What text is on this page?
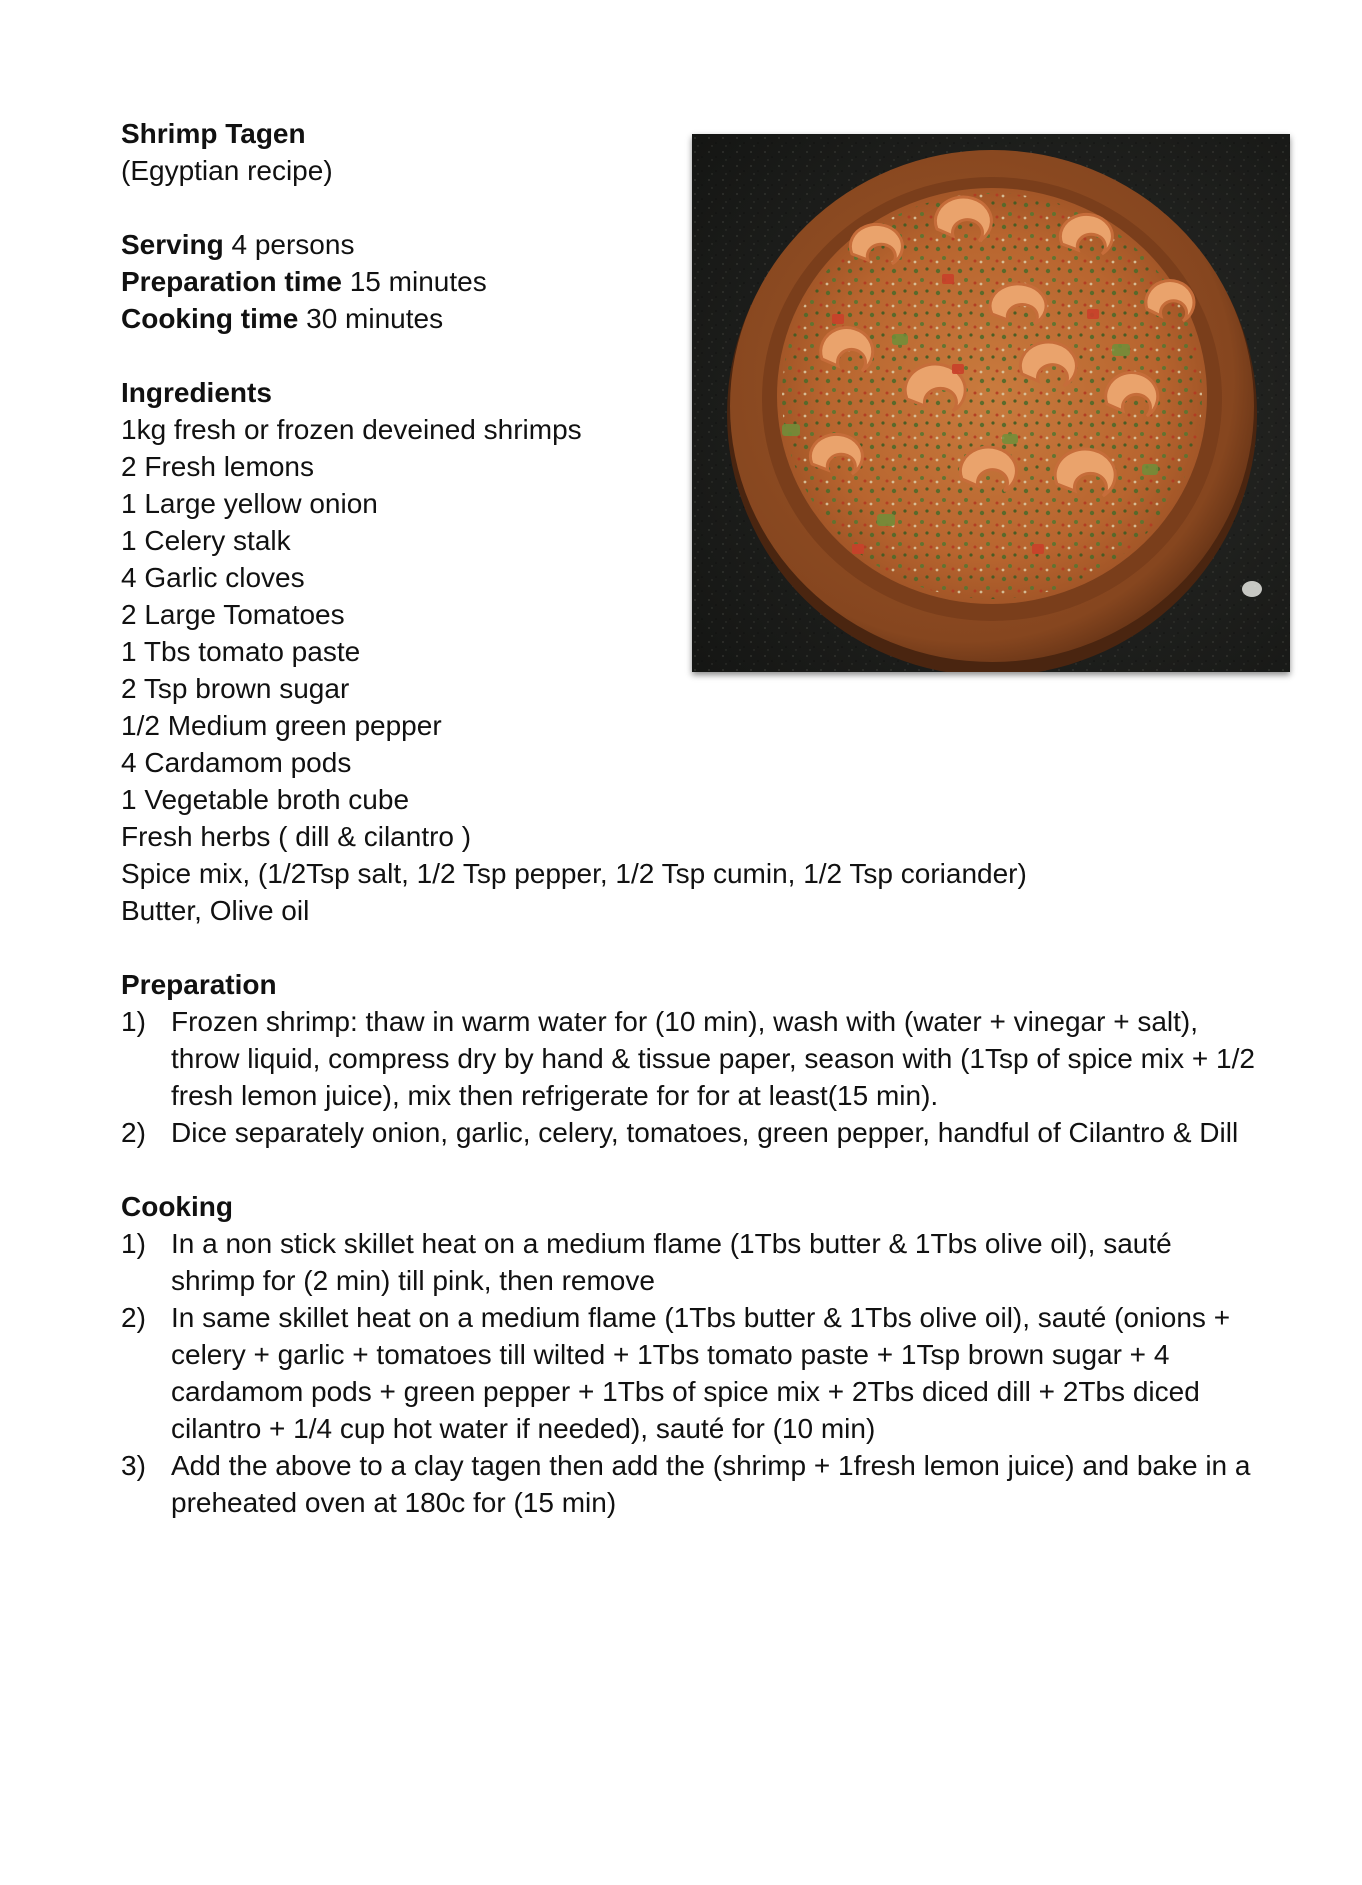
Shrimp Tagen
(Egyptian recipe)
Serving 4 persons
Preparation time 15 minutes
Cooking time 30 minutes
Ingredients
1kg fresh or frozen deveined shrimps
2 Fresh lemons
1 Large yellow onion
1 Celery stalk
4 Garlic cloves
2 Large Tomatoes
1 Tbs tomato paste
2 Tsp brown sugar
1/2 Medium green pepper
4 Cardamom pods
1 Vegetable broth cube
Fresh herbs ( dill & cilantro )
Spice mix, (1/2Tsp salt, 1/2 Tsp pepper, 1/2 Tsp cumin, 1/2 Tsp coriander)
Butter, Olive oil
Preparation
1) Frozen shrimp: thaw in warm water for (10 min), wash with (water + vinegar + salt), throw liquid, compress dry by hand & tissue paper, season with (1Tsp of spice mix + 1/2 fresh lemon juice), mix then refrigerate for for at least(15 min).
2) Dice separately onion, garlic, celery, tomatoes, green pepper, handful of Cilantro & Dill
Cooking
1) In a non stick skillet heat on a medium flame (1Tbs butter & 1Tbs olive oil), sauté shrimp for (2 min) till pink, then remove
2) In same skillet heat on a medium flame (1Tbs butter & 1Tbs olive oil), sauté (onions + celery + garlic + tomatoes till wilted + 1Tbs tomato paste + 1Tsp brown sugar + 4 cardamom pods + green pepper + 1Tbs of spice mix + 2Tbs diced dill + 2Tbs diced cilantro + 1/4 cup hot water if needed), sauté for (10 min)
3) Add the above to a clay tagen then add the (shrimp + 1fresh lemon juice) and bake in a preheated oven at 180c for (15 min)
